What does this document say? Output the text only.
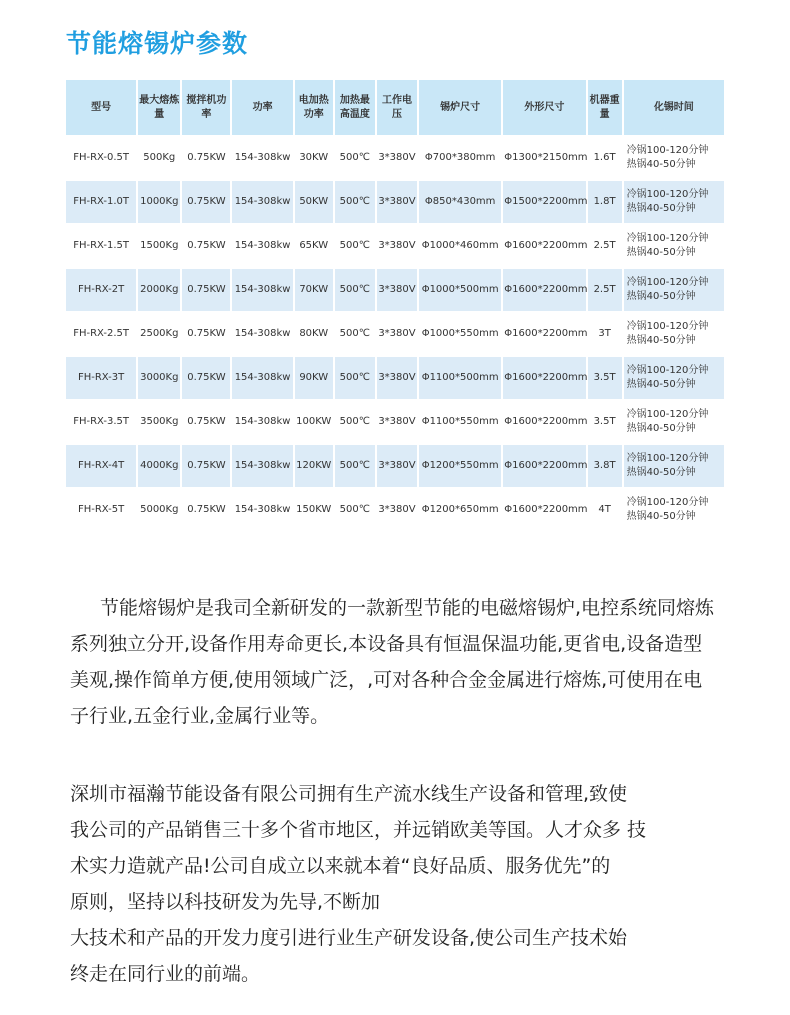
节能熔锡炉参数
型号	最大熔炼量	搅拌机功率	功率	电加热功率	加热最高温度	工作电压	锡炉尺寸	外形尺寸	机器重量	化锡时间
FH-RX-0.5T	500Kg	0.75KW	154-308kw	30KW	500℃	3*380V	Φ700*380mm	Φ1300*2150mm	1.6T	冷锅100-120分钟
热锅40-50分钟

FH-RX-1.0T	1000Kg	0.75KW	154-308kw	50KW	500℃	3*380V	Φ850*430mm	Φ1500*2200mm	1.8T	冷锅100-120分钟
热锅40-50分钟

FH-RX-1.5T	1500Kg	0.75KW	154-308kw	65KW	500℃	3*380V	Φ1000*460mm	Φ1600*2200mm	2.5T	冷锅100-120分钟
热锅40-50分钟

FH-RX-2T	2000Kg	0.75KW	154-308kw	70KW	500℃	3*380V	Φ1000*500mm	Φ1600*2200mm	2.5T	冷锅100-120分钟
热锅40-50分钟

FH-RX-2.5T	2500Kg	0.75KW	154-308kw	80KW	500℃	3*380V	Φ1000*550mm	Φ1600*2200mm	3T	冷锅100-120分钟
热锅40-50分钟

FH-RX-3T	3000Kg	0.75KW	154-308kw	90KW	500℃	3*380V	Φ1100*500mm	Φ1600*2200mm	3.5T	冷锅100-120分钟
热锅40-50分钟

FH-RX-3.5T	3500Kg	0.75KW	154-308kw	100KW	500℃	3*380V	Φ1100*550mm	Φ1600*2200mm	3.5T	冷锅100-120分钟
热锅40-50分钟

FH-RX-4T	4000Kg	0.75KW	154-308kw	120KW	500℃	3*380V	Φ1200*550mm	Φ1600*2200mm	3.8T	冷锅100-120分钟
热锅40-50分钟

FH-RX-5T	5000Kg	0.75KW	154-308kw	150KW	500℃	3*380V	Φ1200*650mm	Φ1600*2200mm	4T	冷锅100-120分钟
热锅40-50分钟

节能熔锡炉是我司全新研发的一款新型节能的电磁熔锡炉,电控系统同熔炼系列独立分开,设备作用寿命更长,本设备具有恒温保温功能,更省电,设备造型美观,操作简单方便,使用领域广泛，,可对各种合金金属进行熔炼,可使用在电子行业,五金行业,金属行业等。

深圳市福瀚节能设备有限公司拥有生产流水线生产设备和管理,致使
我公司的产品销售三十多个省市地区，并远销欧美等国。人才众多 技
术实力造就产品!公司自成立以来就本着“良好品质、服务优先”的
原则，坚持以科技研发为先导,不断加
大技术和产品的开发力度引进行业生产研发设备,使公司生产技术始
终走在同行业的前端。
